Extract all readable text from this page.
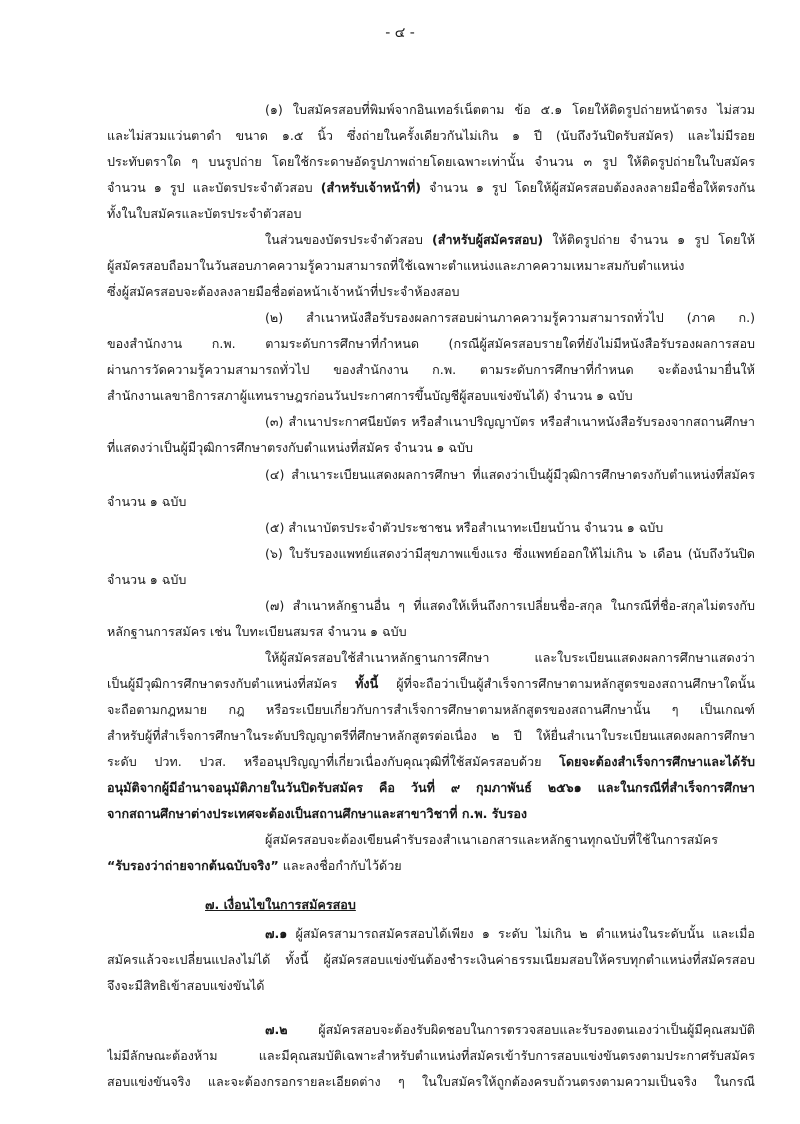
- ๔ -
(๑) ใบสมัครสอบที่พิมพ์จากอินเทอร์เน็ตตาม ข้อ ๕.๑ โดยให้ติดรูปถ่ายหน้าตรง ไม่สวม
และไม่สวมแว่นตาดำ ขนาด ๑.๕ นิ้ว ซึ่งถ่ายในครั้งเดียวกันไม่เกิน ๑ ปี (นับถึงวันปิดรับสมัคร) และไม่มีรอย
ประทับตราใด ๆ บนรูปถ่าย โดยใช้กระดาษอัดรูปภาพถ่ายโดยเฉพาะเท่านั้น จำนวน ๓ รูป ให้ติดรูปถ่ายในใบสมัคร
จำนวน ๑ รูป และบัตรประจำตัวสอบ (สำหรับเจ้าหน้าที่) จำนวน ๑ รูป โดยให้ผู้สมัครสอบต้องลงลายมือชื่อให้ตรงกัน
ทั้งในใบสมัครและบัตรประจำตัวสอบ
ในส่วนของบัตรประจำตัวสอบ (สำหรับผู้สมัครสอบ) ให้ติดรูปถ่าย จำนวน ๑ รูป โดยให้
ผู้สมัครสอบถือมาในวันสอบภาคความรู้ความสามารถที่ใช้เฉพาะตำแหน่งและภาคความเหมาะสมกับตำแหน่ง
ซึ่งผู้สมัครสอบจะต้องลงลายมือชื่อต่อหน้าเจ้าหน้าที่ประจำห้องสอบ
(๒) สำเนาหนังสือรับรองผลการสอบผ่านภาคความรู้ความสามารถทั่วไป (ภาค ก.)
ของสำนักงาน ก.พ. ตามระดับการศึกษาที่กำหนด (กรณีผู้สมัครสอบรายใดที่ยังไม่มีหนังสือรับรองผลการสอบ
ผ่านการวัดความรู้ความสามารถทั่วไป ของสำนักงาน ก.พ. ตามระดับการศึกษาที่กำหนด จะต้องนำมายื่นให้
สำนักงานเลขาธิการสภาผู้แทนราษฎรก่อนวันประกาศการขึ้นบัญชีผู้สอบแข่งขันได้) จำนวน ๑ ฉบับ
(๓) สำเนาประกาศนียบัตร หรือสำเนาปริญญาบัตร หรือสำเนาหนังสือรับรองจากสถานศึกษา
ที่แสดงว่าเป็นผู้มีวุฒิการศึกษาตรงกับตำแหน่งที่สมัคร จำนวน ๑ ฉบับ
(๔) สำเนาระเบียนแสดงผลการศึกษา ที่แสดงว่าเป็นผู้มีวุฒิการศึกษาตรงกับตำแหน่งที่สมัคร
จำนวน ๑ ฉบับ
(๕) สำเนาบัตรประจำตัวประชาชน หรือสำเนาทะเบียนบ้าน จำนวน ๑ ฉบับ
(๖) ใบรับรองแพทย์แสดงว่ามีสุขภาพแข็งแรง ซึ่งแพทย์ออกให้ไม่เกิน ๖ เดือน (นับถึงวันปิด
จำนวน ๑ ฉบับ
(๗) สำเนาหลักฐานอื่น ๆ ที่แสดงให้เห็นถึงการเปลี่ยนชื่อ-สกุล ในกรณีที่ชื่อ-สกุลไม่ตรงกับ
หลักฐานการสมัคร เช่น ใบทะเบียนสมรส จำนวน ๑ ฉบับ
ให้ผู้สมัครสอบใช้สำเนาหลักฐานการศึกษา และใบระเบียนแสดงผลการศึกษาแสดงว่า
เป็นผู้มีวุฒิการศึกษาตรงกับตำแหน่งที่สมัคร ทั้งนี้ ผู้ที่จะถือว่าเป็นผู้สำเร็จการศึกษาตามหลักสูตรของสถานศึกษาใดนั้น
จะถือตามกฎหมาย กฎ หรือระเบียบเกี่ยวกับการสำเร็จการศึกษาตามหลักสูตรของสถานศึกษานั้น ๆ เป็นเกณฑ์
สำหรับผู้ที่สำเร็จการศึกษาในระดับปริญญาตรีที่ศึกษาหลักสูตรต่อเนื่อง ๒ ปี ให้ยื่นสำเนาใบระเบียนแสดงผลการศึกษา
ระดับ ปวท. ปวส. หรืออนุปริญญาที่เกี่ยวเนื่องกับคุณวุฒิที่ใช้สมัครสอบด้วย โดยจะต้องสำเร็จการศึกษาและได้รับ
อนุมัติจากผู้มีอำนาจอนุมัติภายในวันปิดรับสมัคร คือ วันที่ ๙ กุมภาพันธ์ ๒๕๖๑ และในกรณีที่สำเร็จการศึกษา
จากสถานศึกษาต่างประเทศจะต้องเป็นสถานศึกษาและสาขาวิชาที่ ก.พ. รับรอง
ผู้สมัครสอบจะต้องเขียนคำรับรองสำเนาเอกสารและหลักฐานทุกฉบับที่ใช้ในการสมัคร
“รับรองว่าถ่ายจากต้นฉบับจริง” และลงชื่อกำกับไว้ด้วย
๗. เงื่อนไขในการสมัครสอบ
๗.๑ ผู้สมัครสามารถสมัครสอบได้เพียง ๑ ระดับ ไม่เกิน ๒ ตำแหน่งในระดับนั้น และเมื่อ
สมัครแล้วจะเปลี่ยนแปลงไม่ได้ ทั้งนี้ ผู้สมัครสอบแข่งขันต้องชำระเงินค่าธรรมเนียมสอบให้ครบทุกตำแหน่งที่สมัครสอบ
จึงจะมีสิทธิเข้าสอบแข่งขันได้
๗.๒ ผู้สมัครสอบจะต้องรับผิดชอบในการตรวจสอบและรับรองตนเองว่าเป็นผู้มีคุณสมบัติ
ไม่มีลักษณะต้องห้าม และมีคุณสมบัติเฉพาะสำหรับตำแหน่งที่สมัครเข้ารับการสอบแข่งขันตรงตามประกาศรับสมัคร
สอบแข่งขันจริง และจะต้องกรอกรายละเอียดต่าง ๆ ในใบสมัครให้ถูกต้องครบถ้วนตรงตามความเป็นจริง ในกรณี
